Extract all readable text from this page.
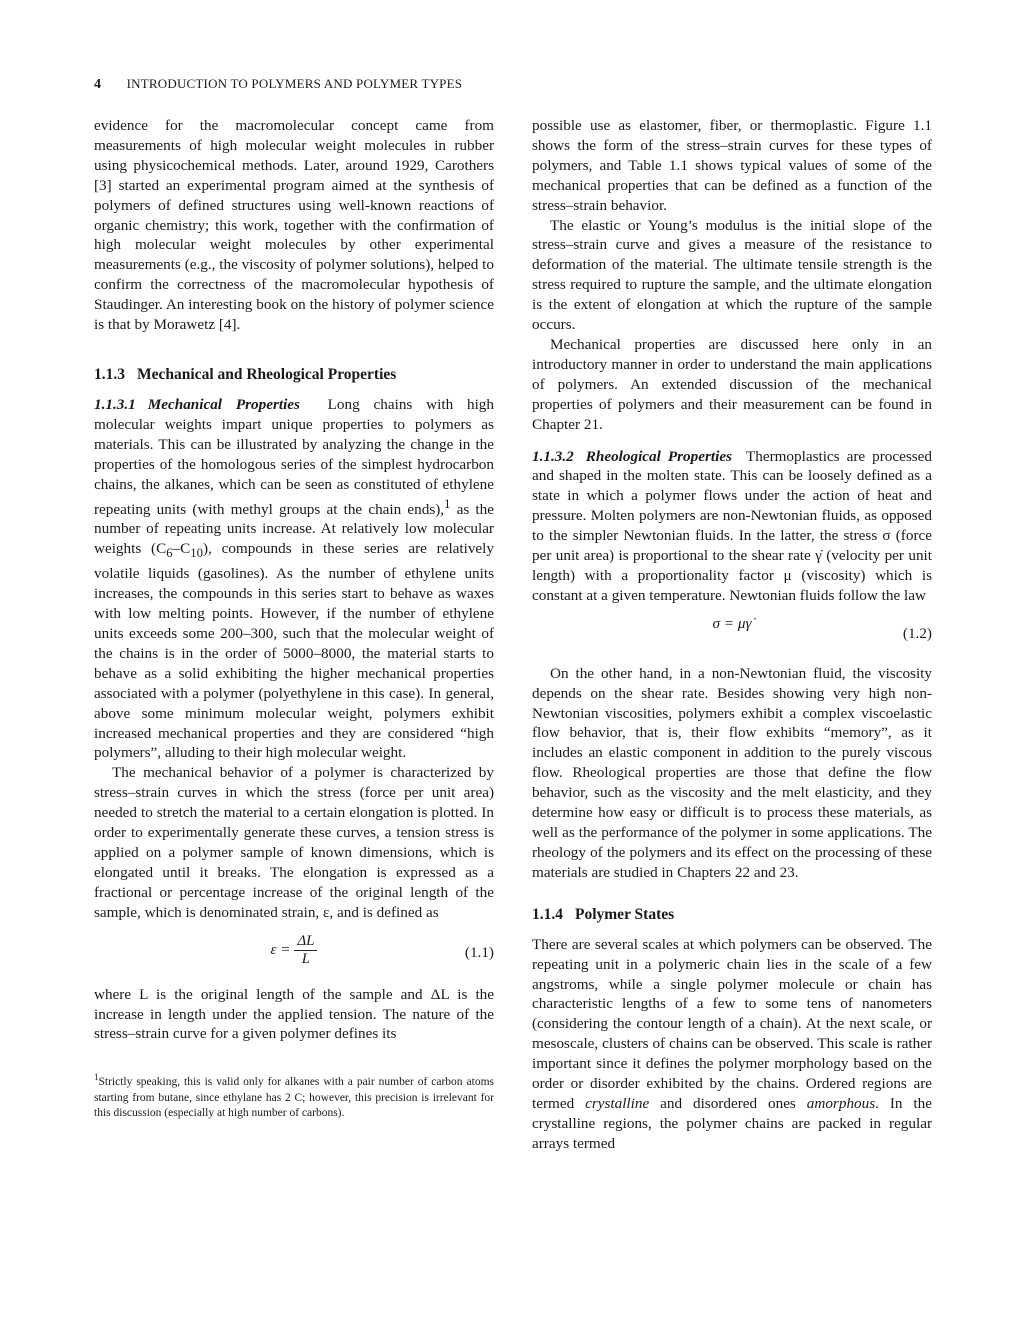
4 INTRODUCTION TO POLYMERS AND POLYMER TYPES

evidence for the macromolecular concept came from measurements of high molecular weight molecules in rubber using physicochemical methods. Later, around 1929, Carothers [3] started an experimental program aimed at the synthesis of polymers of defined structures using well-known reactions of organic chemistry; this work, together with the confirmation of high molecular weight molecules by other experimental measurements (e.g., the viscosity of polymer solutions), helped to confirm the correctness of the macromolecular hypothesis of Staudinger. An interesting book on the history of polymer science is that by Morawetz [4].

1.1.3 Mechanical and Rheological Properties

1.1.3.1 Mechanical Properties Long chains with high molecular weights impart unique properties to polymers as materials. This can be illustrated by analyzing the change in the properties of the homologous series of the simplest hydrocarbon chains, the alkanes, which can be seen as constituted of ethylene repeating units (with methyl groups at the chain ends),$^1$ as the number of repeating units increase. At relatively low molecular weights $(C_6-C_{10})$, compounds in these series are relatively volatile liquids (gasolines). As the number of ethylene units increases, the compounds in this series start to behave as waxes with low melting points. However, if the number of ethylene units exceeds some 200–300, such that the molecular weight of the chains is in the order of 5000–8000, the material starts to behave as a solid exhibiting the higher mechanical properties associated with a polymer (polyethylene in this case). In general, above some minimum molecular weight, polymers exhibit increased mechanical properties and they are considered “high polymers”, alluding to their high molecular weight.

The mechanical behavior of a polymer is characterized by stress–strain curves in which the stress (force per unit area) needed to stretch the material to a certain elongation is plotted. In order to experimentally generate these curves, a tension stress is applied on a polymer sample of known dimensions, which is elongated until it breaks. The elongation is expressed as a fractional or percentage increase of the original length of the sample, which is denominated strain, ε, and is defined as

$\varepsilon = \frac{\Delta L}{L}$	(1.1)

where L is the original length of the sample and ΔL is the increase in length under the applied tension. The nature of the stress–strain curve for a given polymer defines its

$^1$Strictly speaking, this is valid only for alkanes with a pair number of carbon atoms starting from butane, since ethylane has 2 C; however, this precision is irrelevant for this discussion (especially at high number of carbons).

possible use as elastomer, fiber, or thermoplastic. Figure 1.1 shows the form of the stress–strain curves for these types of polymers, and Table 1.1 shows typical values of some of the mechanical properties that can be defined as a function of the stress–strain behavior.

The elastic or Young’s modulus is the initial slope of the stress–strain curve and gives a measure of the resistance to deformation of the material. The ultimate tensile strength is the stress required to rupture the sample, and the ultimate elongation is the extent of elongation at which the rupture of the sample occurs.

Mechanical properties are discussed here only in an introductory manner in order to understand the main applications of polymers. An extended discussion of the mechanical properties of polymers and their measurement can be found in Chapter 21.

1.1.3.2 Rheological Properties Thermoplastics are processed and shaped in the molten state. This can be loosely defined as a state in which a polymer flows under the action of heat and pressure. Molten polymers are non-Newtonian fluids, as opposed to the simpler Newtonian fluids. In the latter, the stress σ (force per unit area) is proportional to the shear rate γ̇ (velocity per unit length) with a proportionality factor μ (viscosity) which is constant at a given temperature. Newtonian fluids follow the law

σ = μγ̇
(1.2)

On the other hand, in a non-Newtonian fluid, the viscosity depends on the shear rate. Besides showing very high non-Newtonian viscosities, polymers exhibit a complex viscoelastic flow behavior, that is, their flow exhibits “memory”, as it includes an elastic component in addition to the purely viscous flow. Rheological properties are those that define the flow behavior, such as the viscosity and the melt elasticity, and they determine how easy or difficult is to process these materials, as well as the performance of the polymer in some applications. The rheology of the polymers and its effect on the processing of these materials are studied in Chapters 22 and 23.

1.1.4 Polymer States

There are several scales at which polymers can be observed. The repeating unit in a polymeric chain lies in the scale of a few angstroms, while a single polymer molecule or chain has characteristic lengths of a few to some tens of nanometers (considering the contour length of a chain). At the next scale, or mesoscale, clusters of chains can be observed. This scale is rather important since it defines the polymer morphology based on the order or disorder exhibited by the chains. Ordered regions are termed crystalline and disordered ones amorphous. In the crystalline regions, the polymer chains are packed in regular arrays termed
